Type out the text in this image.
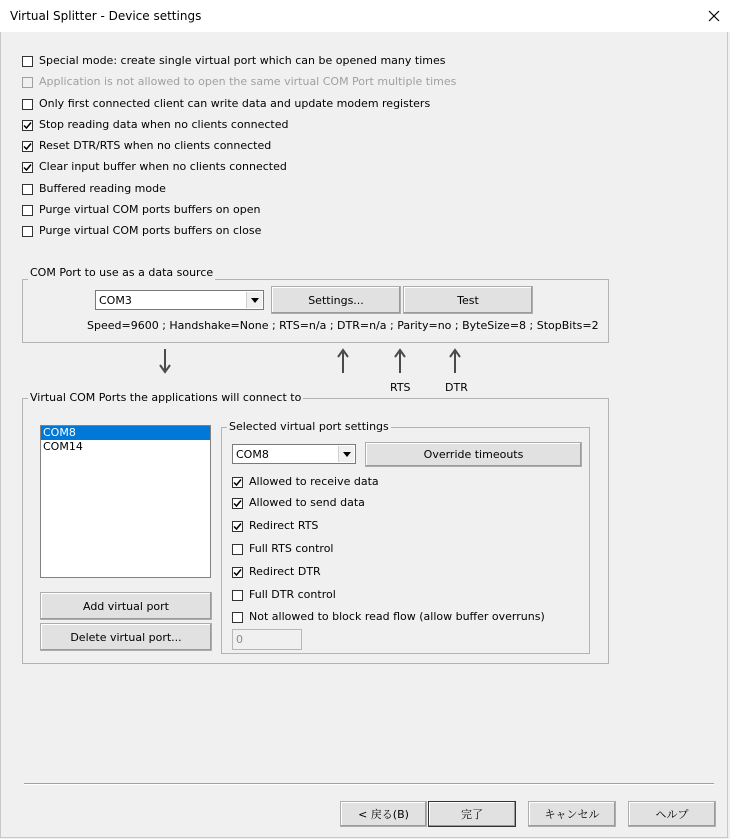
Virtual Splitter - Device settings
Special mode: create single virtual port which can be opened many times
Application is not allowed to open the same virtual COM Port multiple times
Only first connected client can write data and update modem registers
Stop reading data when no clients connected
Reset DTR/RTS when no clients connected
Clear input buffer when no clients connected
Buffered reading mode
Purge virtual COM ports buffers on open
Purge virtual COM ports buffers on close
COM Port to use as a data source
COM3	Settings...	Test
Speed=9600 ; Handshake=None ; RTS=n/a ; DTR=n/a ; Parity=no ; ByteSize=8 ; StopBits=2
RTS	DTR
Virtual COM Ports the applications will connect to
COM8
COM14
Add virtual port
Delete virtual port...
Selected virtual port settings
COM8	Override timeouts
Allowed to receive data
Allowed to send data
Redirect RTS
Full RTS control
Redirect DTR
Full DTR control
Not allowed to block read flow (allow buffer overruns)
0
< 戻る(B)	完了	キャンセル	ヘルプ
